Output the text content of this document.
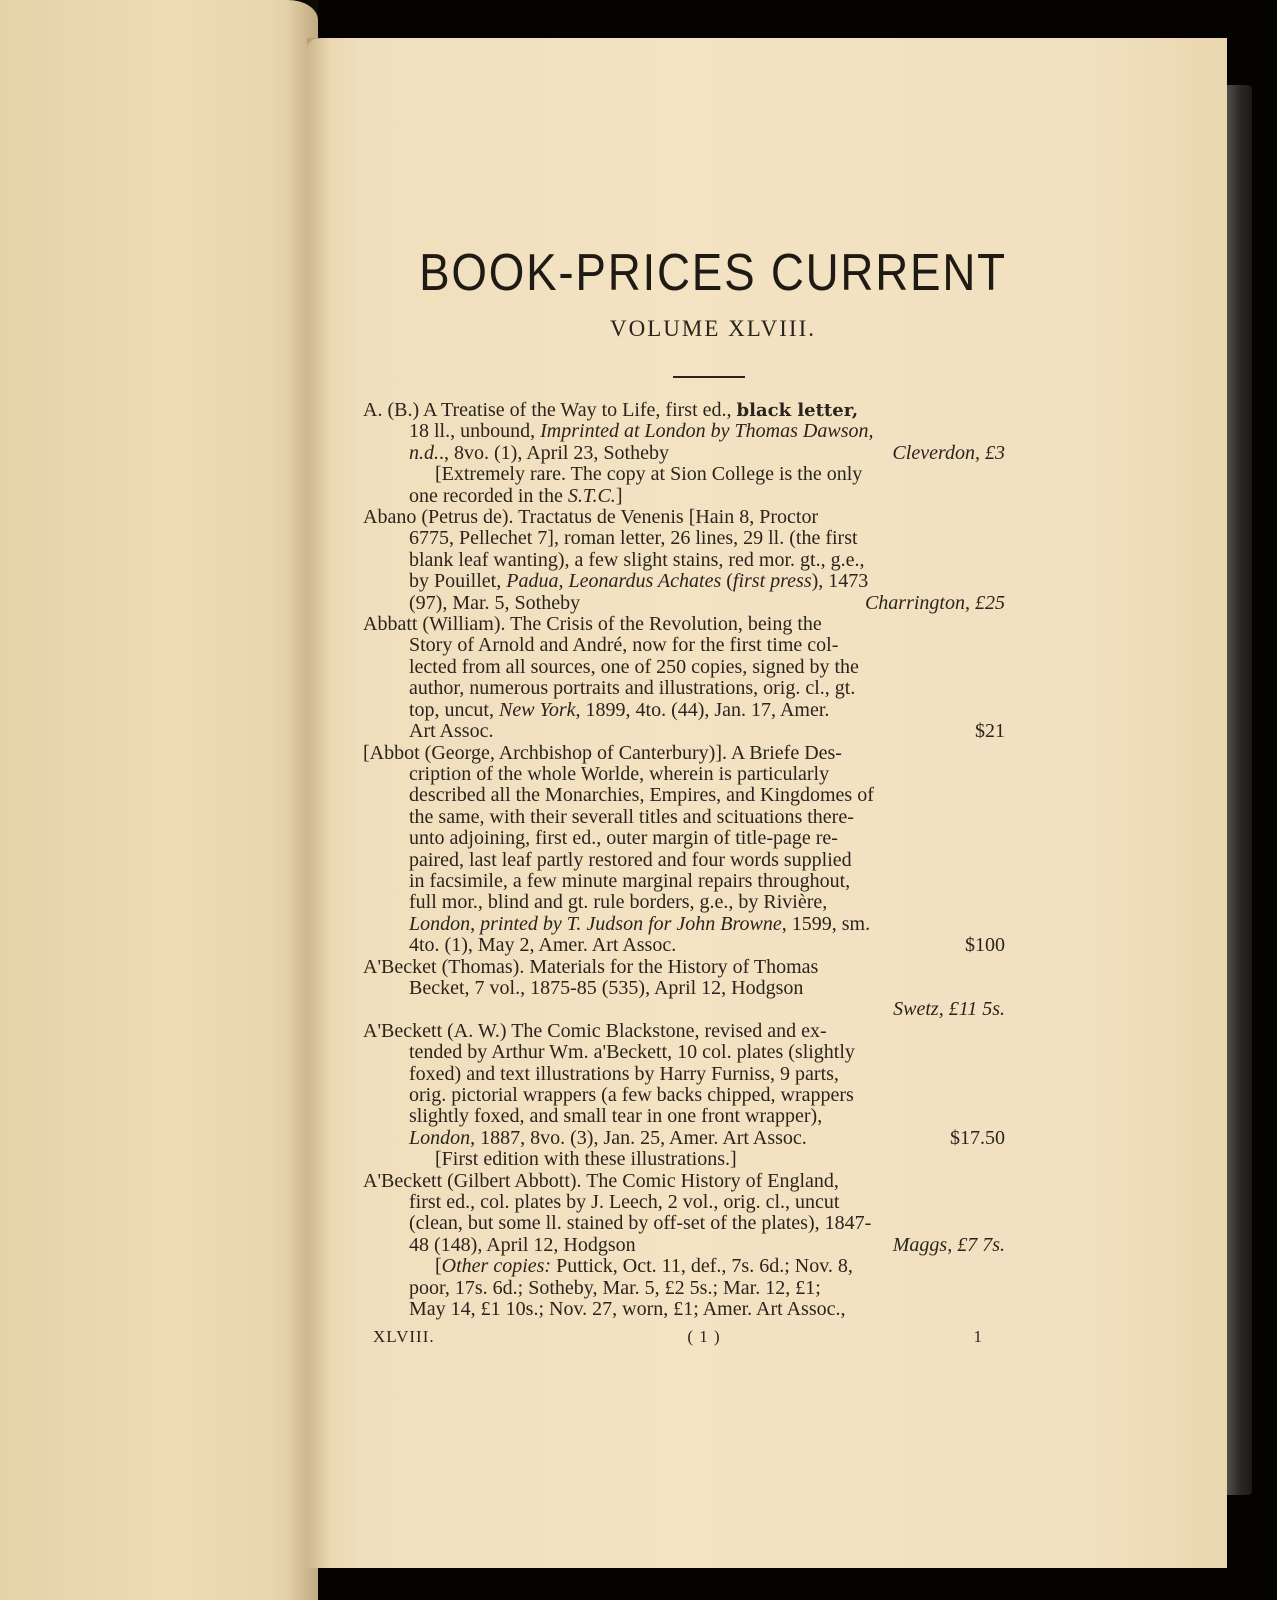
BOOK-PRICES CURRENT
VOLUME XLVIII.
A. (B.) A Treatise of the Way to Life, first ed., black letter,
18 ll., unbound, Imprinted at London by Thomas Dawson,
n.d.., 8vo. (1), April 23, Sotheby	Cleverdon, £3
[Extremely rare. The copy at Sion College is the only
one recorded in the S.T.C.]
Abano (Petrus de). Tractatus de Venenis [Hain 8, Proctor
6775, Pellechet 7], roman letter, 26 lines, 29 ll. (the first
blank leaf wanting), a few slight stains, red mor. gt., g.e.,
by Pouillet, Padua, Leonardus Achates (first press), 1473
(97), Mar. 5, Sotheby	Charrington, £25
Abbatt (William). The Crisis of the Revolution, being the
Story of Arnold and André, now for the first time col-
lected from all sources, one of 250 copies, signed by the
author, numerous portraits and illustrations, orig. cl., gt.
top, uncut, New York, 1899, 4to. (44), Jan. 17, Amer.
Art Assoc.	$21
[Abbot (George, Archbishop of Canterbury)]. A Briefe Des-
cription of the whole Worlde, wherein is particularly
described all the Monarchies, Empires, and Kingdomes of
the same, with their severall titles and scituations there-
unto adjoining, first ed., outer margin of title-page re-
paired, last leaf partly restored and four words supplied
in facsimile, a few minute marginal repairs throughout,
full mor., blind and gt. rule borders, g.e., by Rivière,
London, printed by T. Judson for John Browne, 1599, sm.
4to. (1), May 2, Amer. Art Assoc.	$100
A'Becket (Thomas). Materials for the History of Thomas
Becket, 7 vol., 1875-85 (535), April 12, Hodgson
Swetz, £11 5s.
A'Beckett (A. W.) The Comic Blackstone, revised and ex-
tended by Arthur Wm. a'Beckett, 10 col. plates (slightly
foxed) and text illustrations by Harry Furniss, 9 parts,
orig. pictorial wrappers (a few backs chipped, wrappers
slightly foxed, and small tear in one front wrapper),
London, 1887, 8vo. (3), Jan. 25, Amer. Art Assoc.	$17.50
[First edition with these illustrations.]
A'Beckett (Gilbert Abbott). The Comic History of England,
first ed., col. plates by J. Leech, 2 vol., orig. cl., uncut
(clean, but some ll. stained by off-set of the plates), 1847-
48 (148), April 12, Hodgson	Maggs, £7 7s.
[Other copies: Puttick, Oct. 11, def., 7s. 6d.; Nov. 8,
poor, 17s. 6d.; Sotheby, Mar. 5, £2 5s.; Mar. 12, £1;
May 14, £1 10s.; Nov. 27, worn, £1; Amer. Art Assoc.,
XLVIII.	( 1 )	1
